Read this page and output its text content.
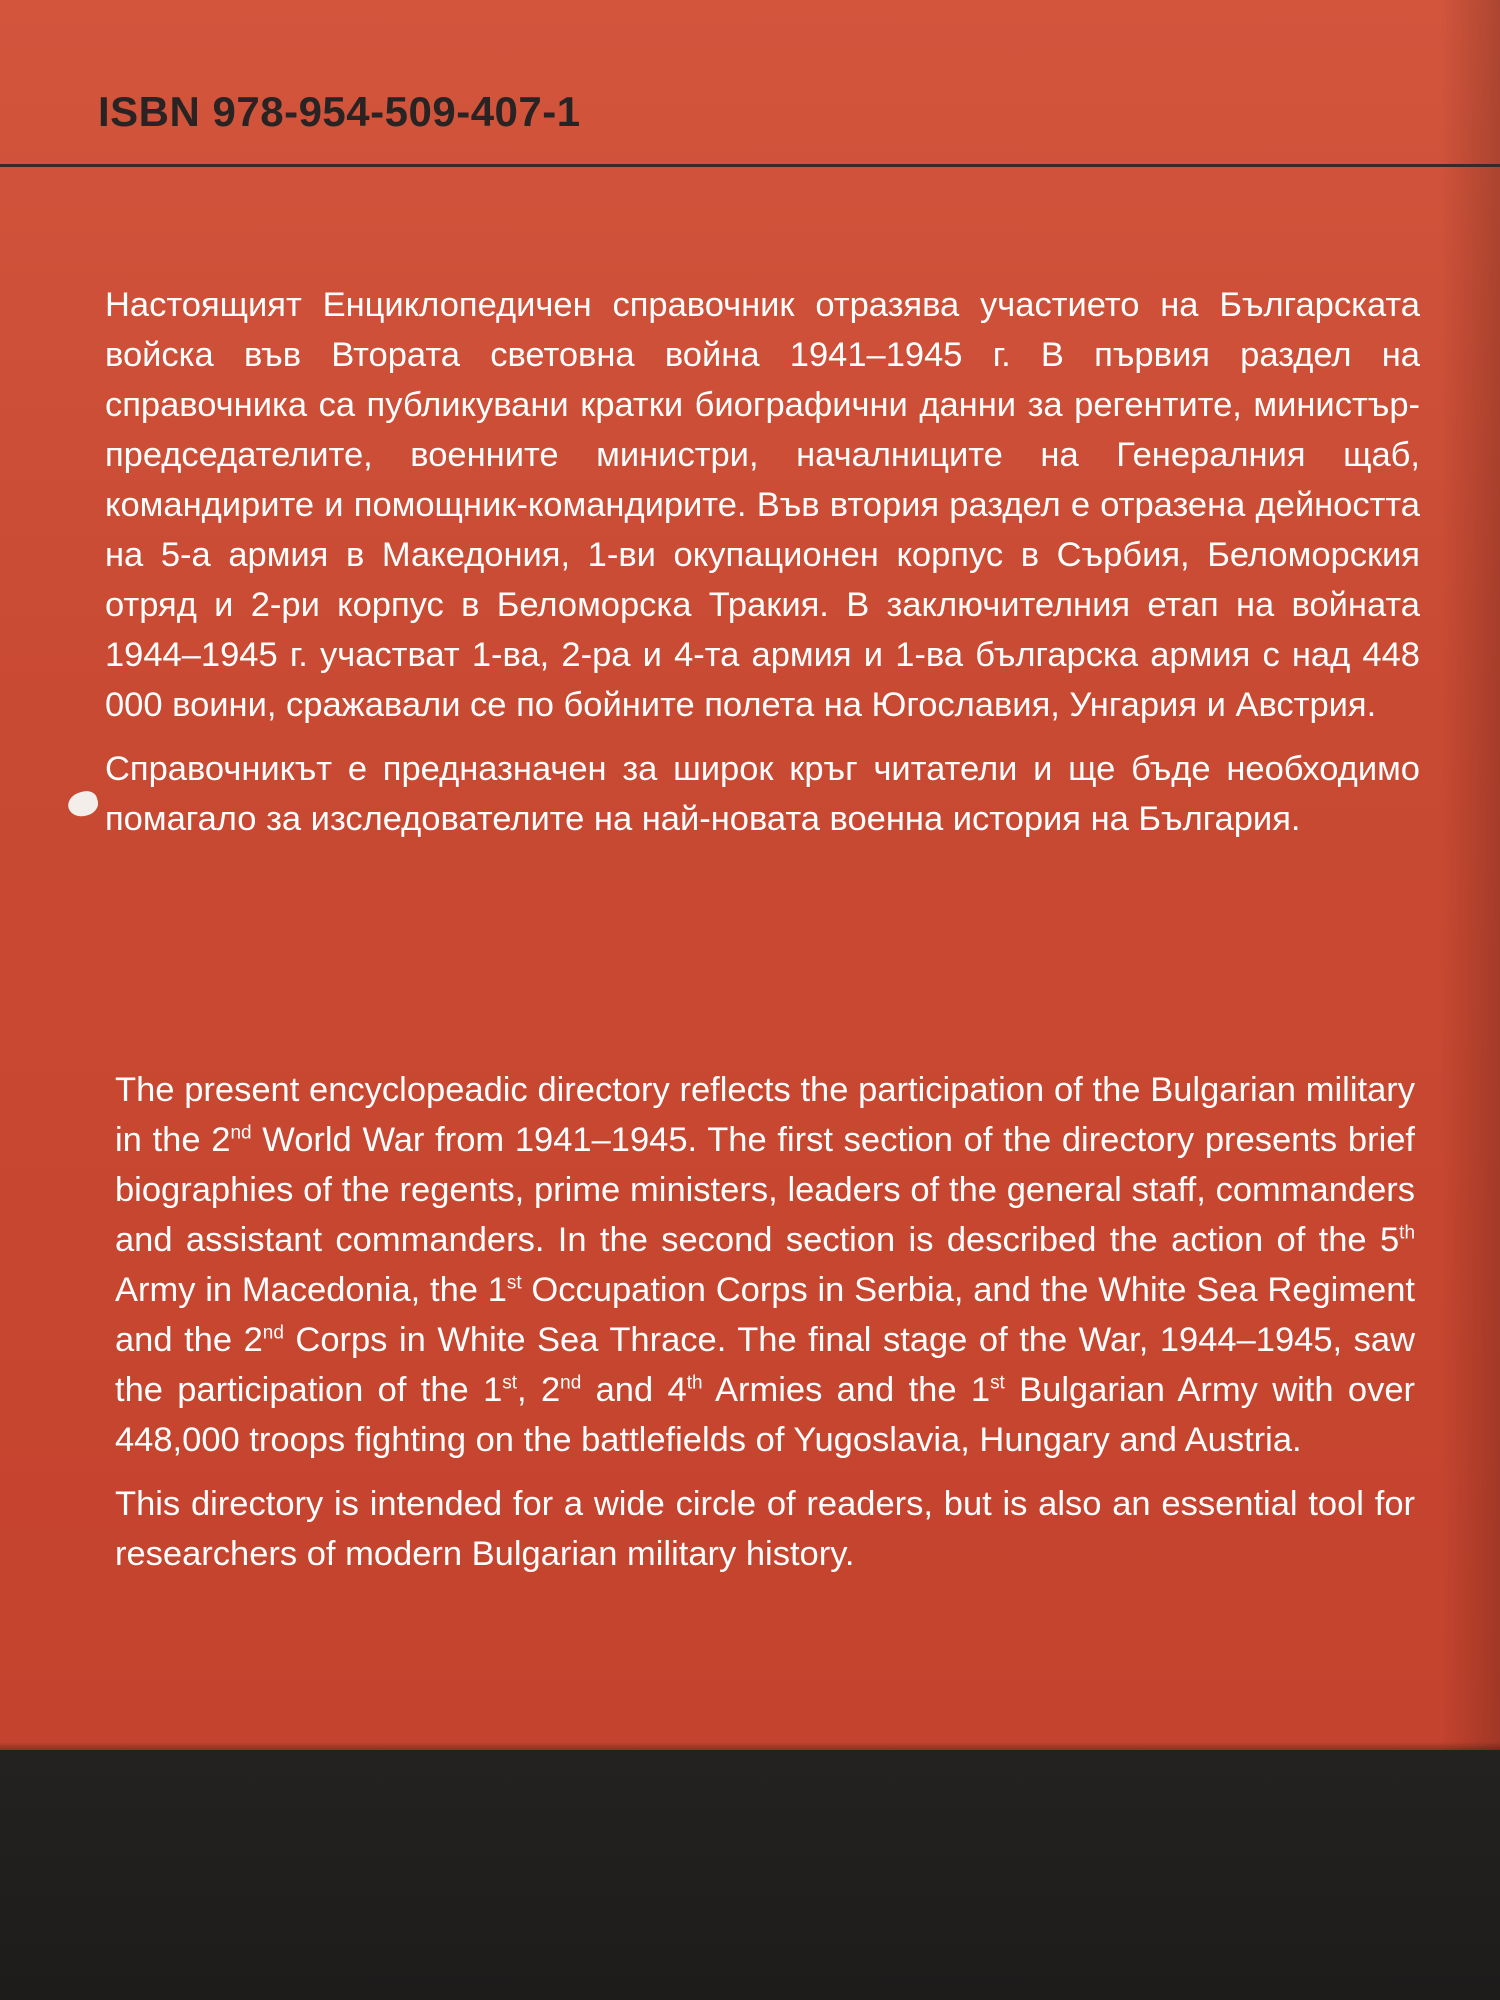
ISBN 978-954-509-407-1

Настоящият Енциклопедичен справочник отразява участието на Българската войска във Втората световна война 1941–1945 г. В първия раздел на справочника са публикувани кратки биографични данни за регентите, министър-председателите, военните министри, началниците на Генералния щаб, командирите и помощник-командирите. Във втория раздел е отразена дейността на 5-а армия в Македония, 1-ви окупационен корпус в Сърбия, Беломорския отряд и 2-ри корпус в Беломорска Тракия. В заключителния етап на войната 1944–1945 г. участват 1-ва, 2-ра и 4-та армия и 1-ва българска армия с над 448 000 воини, сражавали се по бойните полета на Югославия, Унгария и Австрия.

Справочникът е предназначен за широк кръг читатели и ще бъде необходимо помагало за изследователите на най-новата военна история на България.

The present encyclopeadic directory reflects the participation of the Bulgarian military in the 2nd World War from 1941–1945. The first section of the directory presents brief biographies of the regents, prime ministers, leaders of the general staff, commanders and assistant commanders. In the second section is described the action of the 5th Army in Macedonia, the 1st Occupation Corps in Serbia, and the White Sea Regiment and the 2nd Corps in White Sea Thrace. The final stage of the War, 1944–1945, saw the participation of the 1st, 2nd and 4th Armies and the 1st Bulgarian Army with over 448,000 troops fighting on the battlefields of Yugoslavia, Hungary and Austria.

This directory is intended for a wide circle of readers, but is also an essential tool for researchers of modern Bulgarian military history.
